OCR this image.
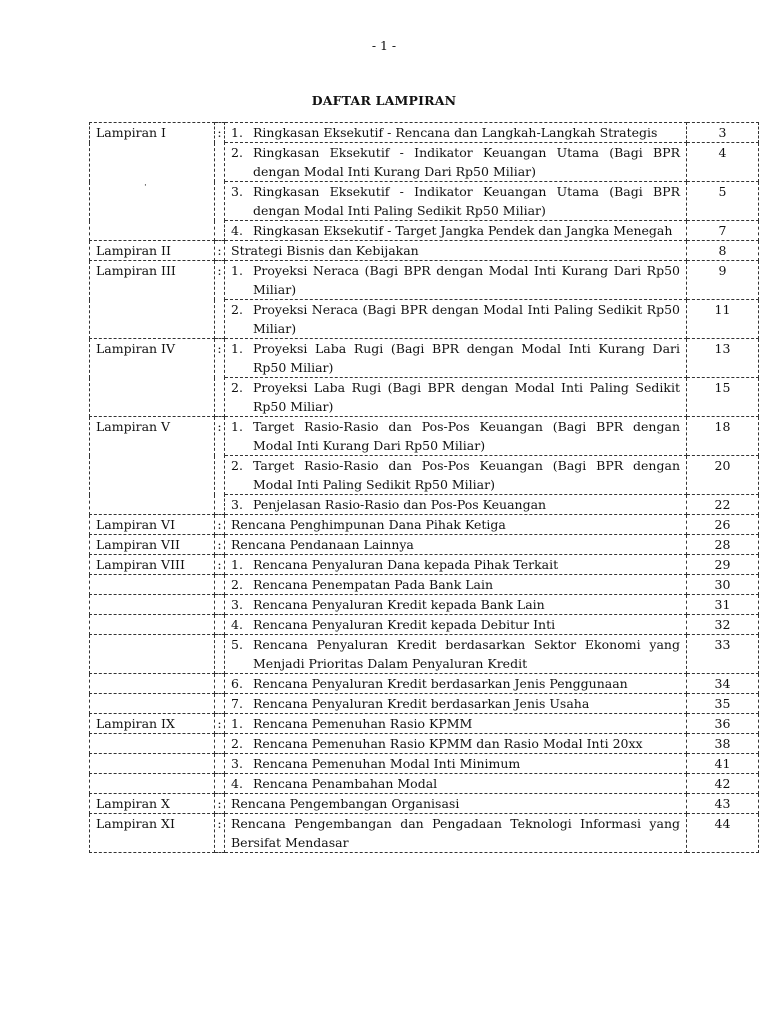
- 1 -
DAFTAR LAMPIRAN
·
Lampiran I	:	1. Ringkasan Eksekutif - Rencana dan Langkah-Langkah Strategis	3

		2. Ringkasan Eksekutif - Indikator Keuangan Utama (Bagi BPR dengan Modal Inti Kurang Dari Rp50 Miliar)	4

		3. Ringkasan Eksekutif - Indikator Keuangan Utama (Bagi BPR dengan Modal Inti Paling Sedikit Rp50 Miliar)	5

		4. Ringkasan Eksekutif - Target Jangka Pendek dan Jangka Menegah	7
Lampiran II	:	Strategi Bisnis dan Kebijakan	8
Lampiran III	:	1. Proyeksi Neraca (Bagi BPR dengan Modal Inti Kurang Dari Rp50 Miliar)	9

		2. Proyeksi Neraca (Bagi BPR dengan Modal Inti Paling Sedikit Rp50 Miliar)	11
Lampiran IV	:	1. Proyeksi Laba Rugi (Bagi BPR dengan Modal Inti Kurang Dari Rp50 Miliar)	13

		2. Proyeksi Laba Rugi (Bagi BPR dengan Modal Inti Paling Sedikit Rp50 Miliar)	15
Lampiran V	:	1. Target Rasio-Rasio dan Pos-Pos Keuangan (Bagi BPR dengan Modal Inti Kurang Dari Rp50 Miliar)	18

		2. Target Rasio-Rasio dan Pos-Pos Keuangan (Bagi BPR dengan Modal Inti Paling Sedikit Rp50 Miliar)	20

		3. Penjelasan Rasio-Rasio dan Pos-Pos Keuangan	22
Lampiran VI	:	Rencana Penghimpunan Dana Pihak Ketiga	26
Lampiran VII	:	Rencana Pendanaan Lainnya	28
Lampiran VIII	:	1. Rencana Penyaluran Dana kepada Pihak Terkait	29

		2. Rencana Penempatan Pada Bank Lain	30

		3. Rencana Penyaluran Kredit kepada Bank Lain	31

		4. Rencana Penyaluran Kredit kepada Debitur Inti	32

		5. Rencana Penyaluran Kredit berdasarkan Sektor Ekonomi yang Menjadi Prioritas Dalam Penyaluran Kredit	33

		6. Rencana Penyaluran Kredit berdasarkan Jenis Penggunaan	34

		7. Rencana Penyaluran Kredit berdasarkan Jenis Usaha	35
Lampiran IX	:	1. Rencana Pemenuhan Rasio KPMM	36

		2. Rencana Pemenuhan Rasio KPMM dan Rasio Modal Inti 20xx	38

		3. Rencana Pemenuhan Modal Inti Minimum	41

		4. Rencana Penambahan Modal	42
Lampiran X	:	Rencana Pengembangan Organisasi	43
Lampiran XI	:	Rencana Pengembangan dan Pengadaan Teknologi Informasi yang Bersifat Mendasar	44
